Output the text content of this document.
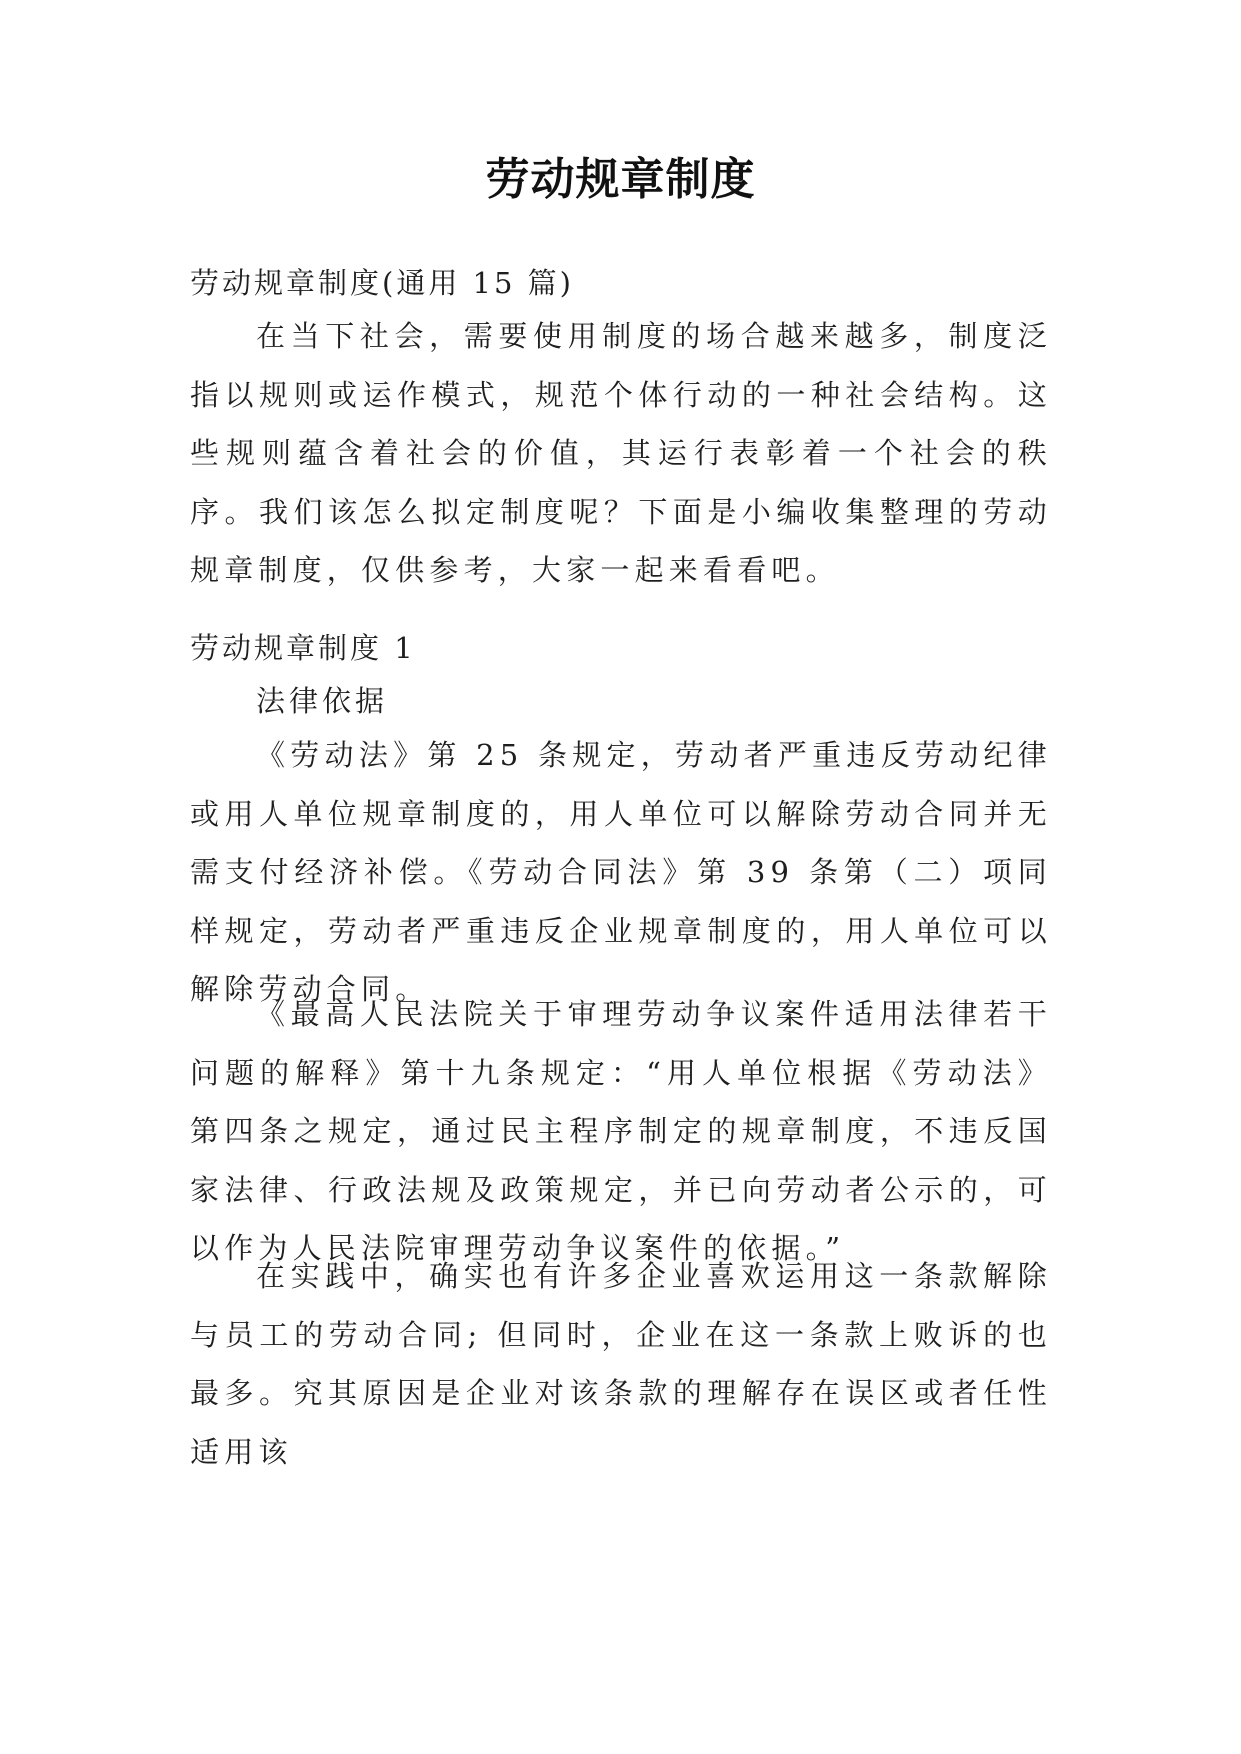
劳动规章制度

劳动规章制度(通用 15 篇)

在当下社会，需要使用制度的场合越来越多，制度泛指以规则或运作模式，规范个体行动的一种社会结构。这些规则蕴含着社会的价值，其运行表彰着一个社会的秩序。我们该怎么拟定制度呢？下面是小编收集整理的劳动规章制度，仅供参考，大家一起来看看吧。

劳动规章制度 1

法律依据

《劳动法》第 25 条规定，劳动者严重违反劳动纪律或用人单位规章制度的，用人单位可以解除劳动合同并无需支付经济补偿。《劳动合同法》第 39 条第（二）项同样规定，劳动者严重违反企业规章制度的，用人单位可以解除劳动合同。

《最高人民法院关于审理劳动争议案件适用法律若干问题的解释》第十九条规定：“用人单位根据《劳动法》第四条之规定，通过民主程序制定的规章制度，不违反国家法律、行政法规及政策规定，并已向劳动者公示的，可以作为人民法院审理劳动争议案件的依据。”

在实践中，确实也有许多企业喜欢运用这一条款解除与员工的劳动合同; 但同时，企业在这一条款上败诉的也最多。究其原因是企业对该条款的理解存在误区或者任性适用该
